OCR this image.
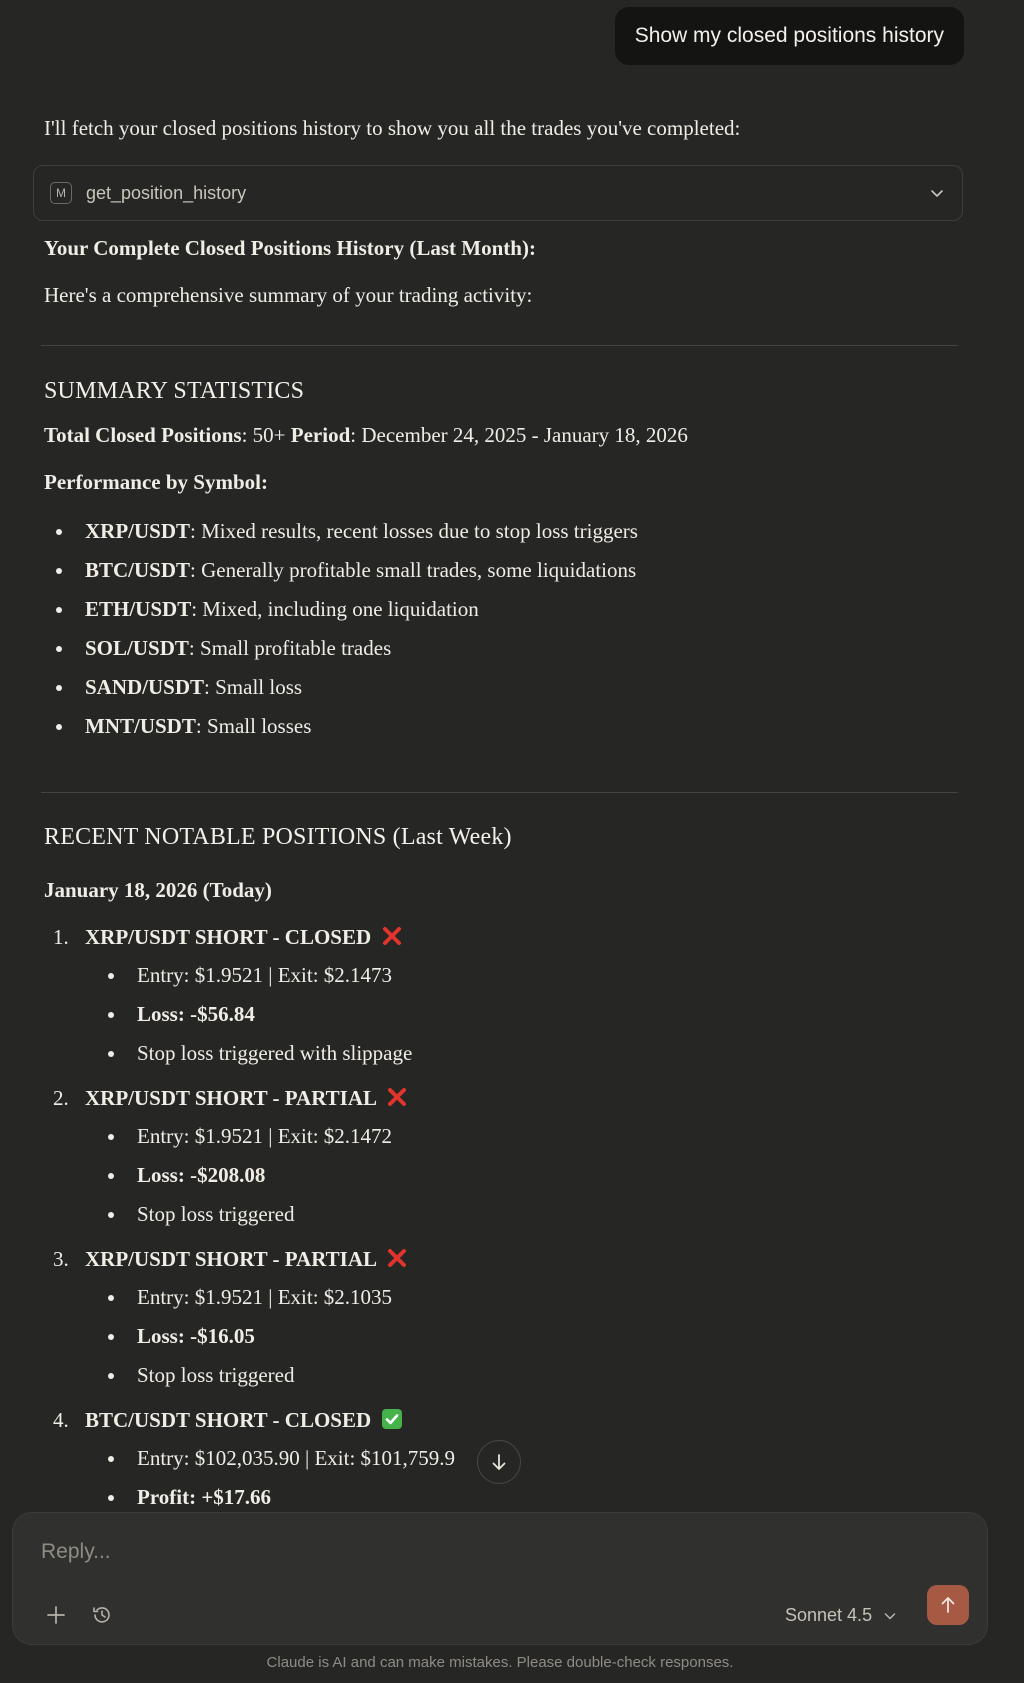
Show my closed positions history
I'll fetch your closed positions history to show you all the trades you've completed:
M	get_position_history
Your Complete Closed Positions History (Last Month):
Here's a comprehensive summary of your trading activity:
SUMMARY STATISTICS
Total Closed Positions: 50+ Period: December 24, 2025 - January 18, 2026
Performance by Symbol:
XRP/USDT: Mixed results, recent losses due to stop loss triggers
BTC/USDT: Generally profitable small trades, some liquidations
ETH/USDT: Mixed, including one liquidation
SOL/USDT: Small profitable trades
SAND/USDT: Small loss
MNT/USDT: Small losses
RECENT NOTABLE POSITIONS (Last Week)
January 18, 2026 (Today)
1. XRP/USDT SHORT - CLOSED
Entry: $1.9521 | Exit: $2.1473
Loss: -$56.84
Stop loss triggered with slippage
2. XRP/USDT SHORT - PARTIAL
Entry: $1.9521 | Exit: $2.1472
Loss: -$208.08
Stop loss triggered
3. XRP/USDT SHORT - PARTIAL
Entry: $1.9521 | Exit: $2.1035
Loss: -$16.05
Stop loss triggered
4. BTC/USDT SHORT - CLOSED
Entry: $102,035.90 | Exit: $101,759.9
Profit: +$17.66
Reply...
Sonnet 4.5
Claude is AI and can make mistakes. Please double-check responses.
